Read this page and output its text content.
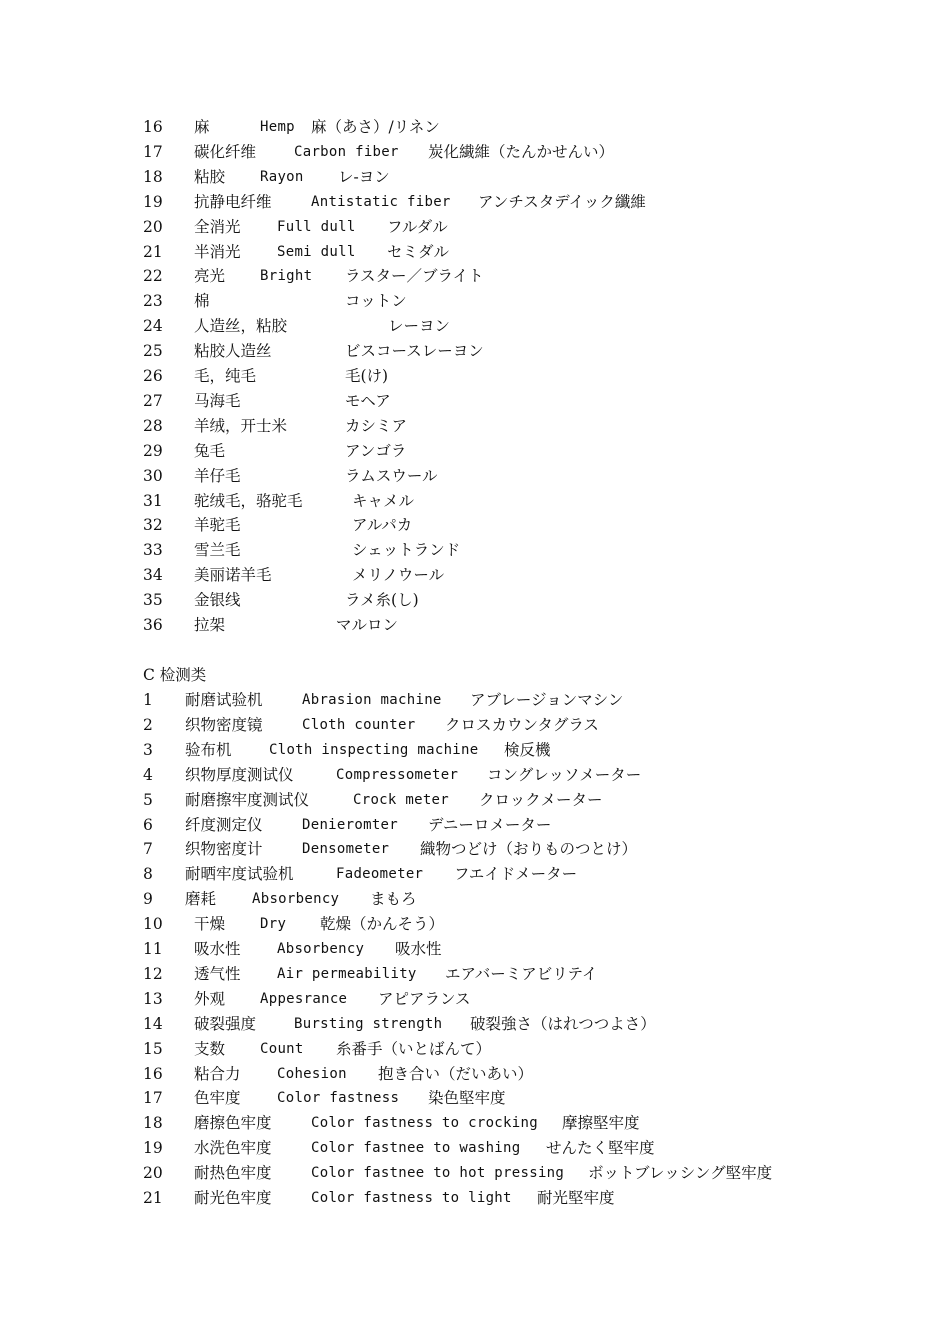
16 麻	Hemp 麻（あさ）/リネン
17 碳化纤维	Carbon fiber 炭化繊維（たんかせんい）
18 粘胶 Rayon レ-ヨン
19 抗静电纤维	Antistatic fiber アンチスタデイック纖維
20 全消光	Full dull フルダル
21 半消光	Semi dull セミダル
22 亮光 Bright ラスター／ブライト
23 棉	コットン
24 人造丝，粘胶	レーヨン
25 粘胶人造丝	ビスコースレーヨン
26 毛，纯毛	毛(け)
27 马海毛	モヘア
28 羊绒，开士米	カシミア
29 兔毛	アンゴラ
30 羊仔毛	ラムスウール
31 驼绒毛，骆驼毛	キャメル
32 羊驼毛	アルパカ
33 雪兰毛	シェットランド
34 美丽诺羊毛	メリノウール
35 金银线	ラメ糸(し)
36 拉架	マルロン
C 检测类
1 耐磨试验机	Abrasion machine アブレージョンマシン
2 织物密度镜	Cloth counter クロスカウンタグラス
3 验布机	Cloth inspecting machine 検反機
4 织物厚度测试仪	Compressometer コングレッソメーター
5 耐磨擦牢度测试仪	Crock meter クロックメーター
6 纤度测定仪	Denieromter デニーロメーター
7 织物密度计	Densometer 織物つどけ（おりものつとけ）
8 耐晒牢度试验机	Fadeometer フエイドメーター
9 磨耗	Absorbency まもろ
10 干燥 Dry 乾燥（かんそう）
11 吸水性	Absorbency 吸水性
12 透气性	Air permeability エアバーミアビリテイ
13 外观 Appesrance アピアランス
14 破裂强度	Bursting strength 破裂強さ（はれつつよさ）
15 支数 Count 糸番手（いとばんて）
16 粘合力	Cohesion 抱き合い（だいあい）
17 色牢度	Color fastness 染色堅牢度
18 磨擦色牢度	Color fastness to crocking 摩擦堅牢度
19 水洗色牢度	Color fastnee to washing せんたく堅牢度
20 耐热色牢度	Color fastnee to hot pressing ボットブレッシング堅牢度
21 耐光色牢度	Color fastness to light 耐光堅牢度
